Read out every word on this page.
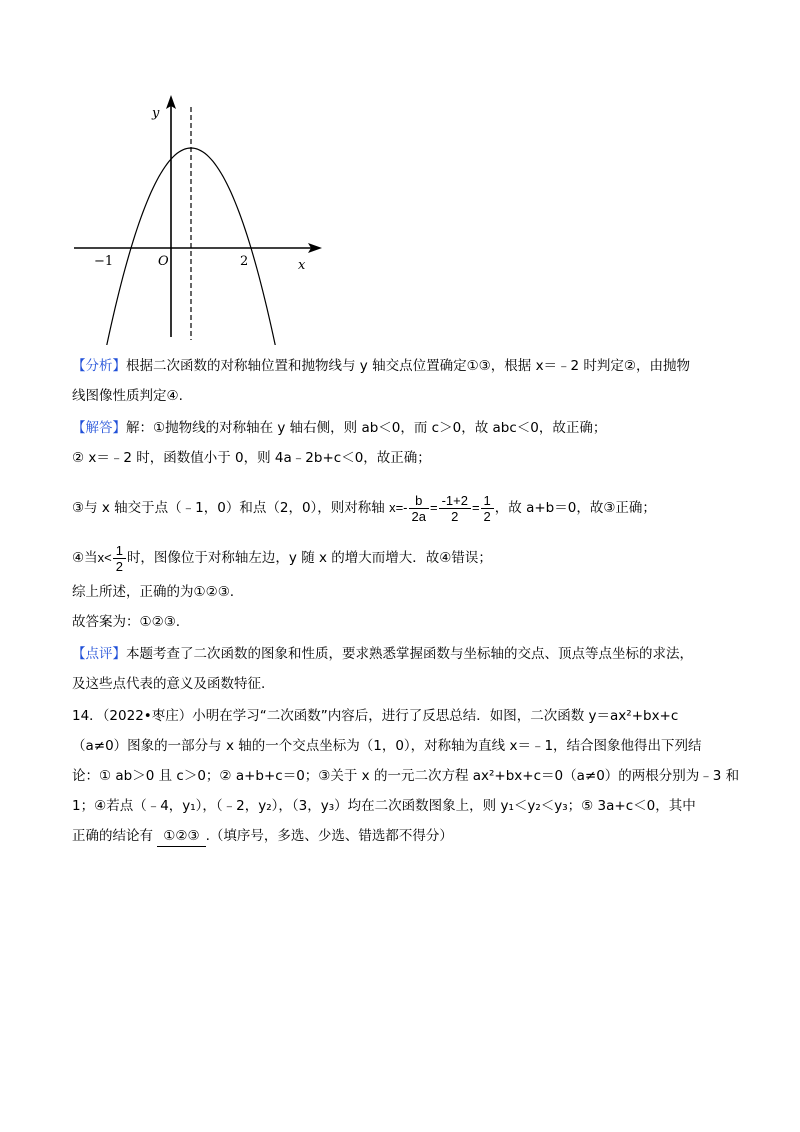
y
x
O
−1	2
【分析】根据二次函数的对称轴位置和抛物线与 y 轴交点位置确定①③，根据 x＝﹣2 时判定②，由抛物
线图像性质判定④.
【解答】解：①抛物线的对称轴在 y 轴右侧，则 ab＜0，而 c＞0，故 abc＜0，故正确；
② x＝﹣2 时，函数值小于 0，则 4a﹣2b+c＜0，故正确；
③与 x 轴交于点（﹣1，0）和点（2，0），则对称轴 $x=- \frac{b}{2a} = \frac{-1+2}{2} = \frac{1}{2}$ ，故 a+b＝0，故③正确；
④当$x< \frac{1}{2}$ 时，图像位于对称轴左边，y 随 x 的增大而增大．故④错误；
综上所述，正确的为①②③.
故答案为：①②③.
【点评】本题考查了二次函数的图象和性质，要求熟悉掌握函数与坐标轴的交点、顶点等点坐标的求法，
及这些点代表的意义及函数特征.
14．（2022•枣庄）小明在学习“二次函数”内容后，进行了反思总结．如图，二次函数 y＝ax²+bx+c
（a≠0）图象的一部分与 x 轴的一个交点坐标为（1，0），对称轴为直线 x＝﹣1，结合图象他得出下列结
论：① ab＞0 且 c＞0；② a+b+c＝0；③关于 x 的一元二次方程 ax²+bx+c＝0（a≠0）的两根分别为﹣3 和
1；④若点（﹣4，y₁），（﹣2，y₂），（3，y₃）均在二次函数图象上，则 y₁＜y₂＜y₃；⑤ 3a+c＜0，其中
正确的结论有 ①②③ .（填序号，多选、少选、错选都不得分）
